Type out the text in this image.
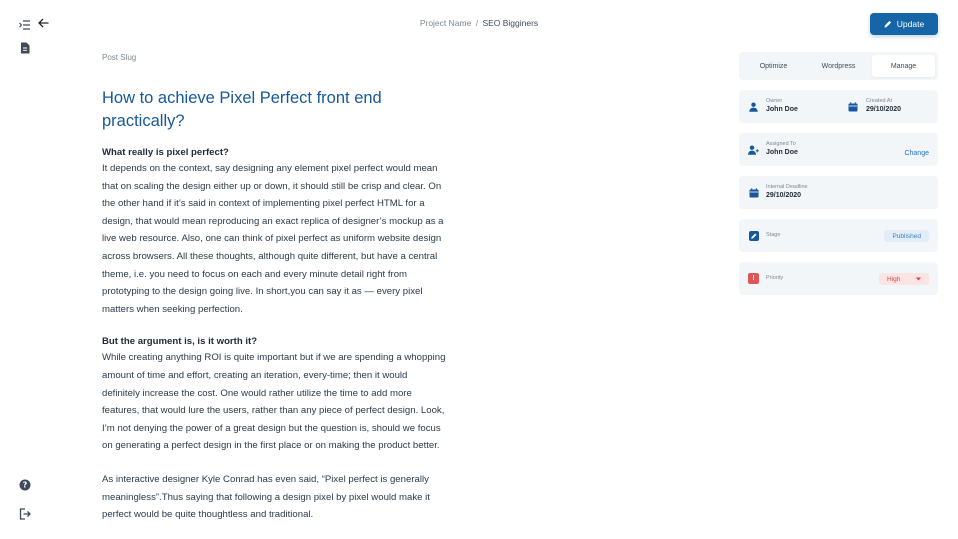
?
Project Name / SEO Bigginers	Update
Post Slug
How to achieve Pixel Perfect front end practically?
What really is pixel perfect?

It depends on the context, say designing any element pixel perfect would mean that on scaling the design either up or down, it should still be crisp and clear. On the other hand if it’s said in context of implementing pixel perfect HTML for a design, that would mean reproducing an exact replica of designer’s mockup as a live web resource. Also, one can think of pixel perfect as uniform website design across browsers. All these thoughts, although quite different, but have a central theme, i.e. you need to focus on each and every minute detail right from prototyping to the design going live. In short,you can say it as — every pixel matters when seeking perfection.

But the argument is, is it worth it?

While creating anything ROI is quite important but if we are spending a whopping amount of time and effort, creating an iteration, every-time; then it would definitely increase the cost. One would rather utilize the time to add more features, that would lure the users, rather than any piece of perfect design. Look, I’m not denying the power of a great design but the question is, should we focus on generating a perfect design in the first place or on making the product better.

As interactive designer Kyle Conrad has even said, “Pixel perfect is generally meaningless”.Thus saying that following a design pixel by pixel would make it perfect would be quite thoughtless and traditional.

Optimize	Wordpress	Manage
Owner
John Doe
Created At
29/10/2020
Assigned To
John Doe	Change
Internal Deadline
29/10/2020
Stage	Published
!	Priority	High
